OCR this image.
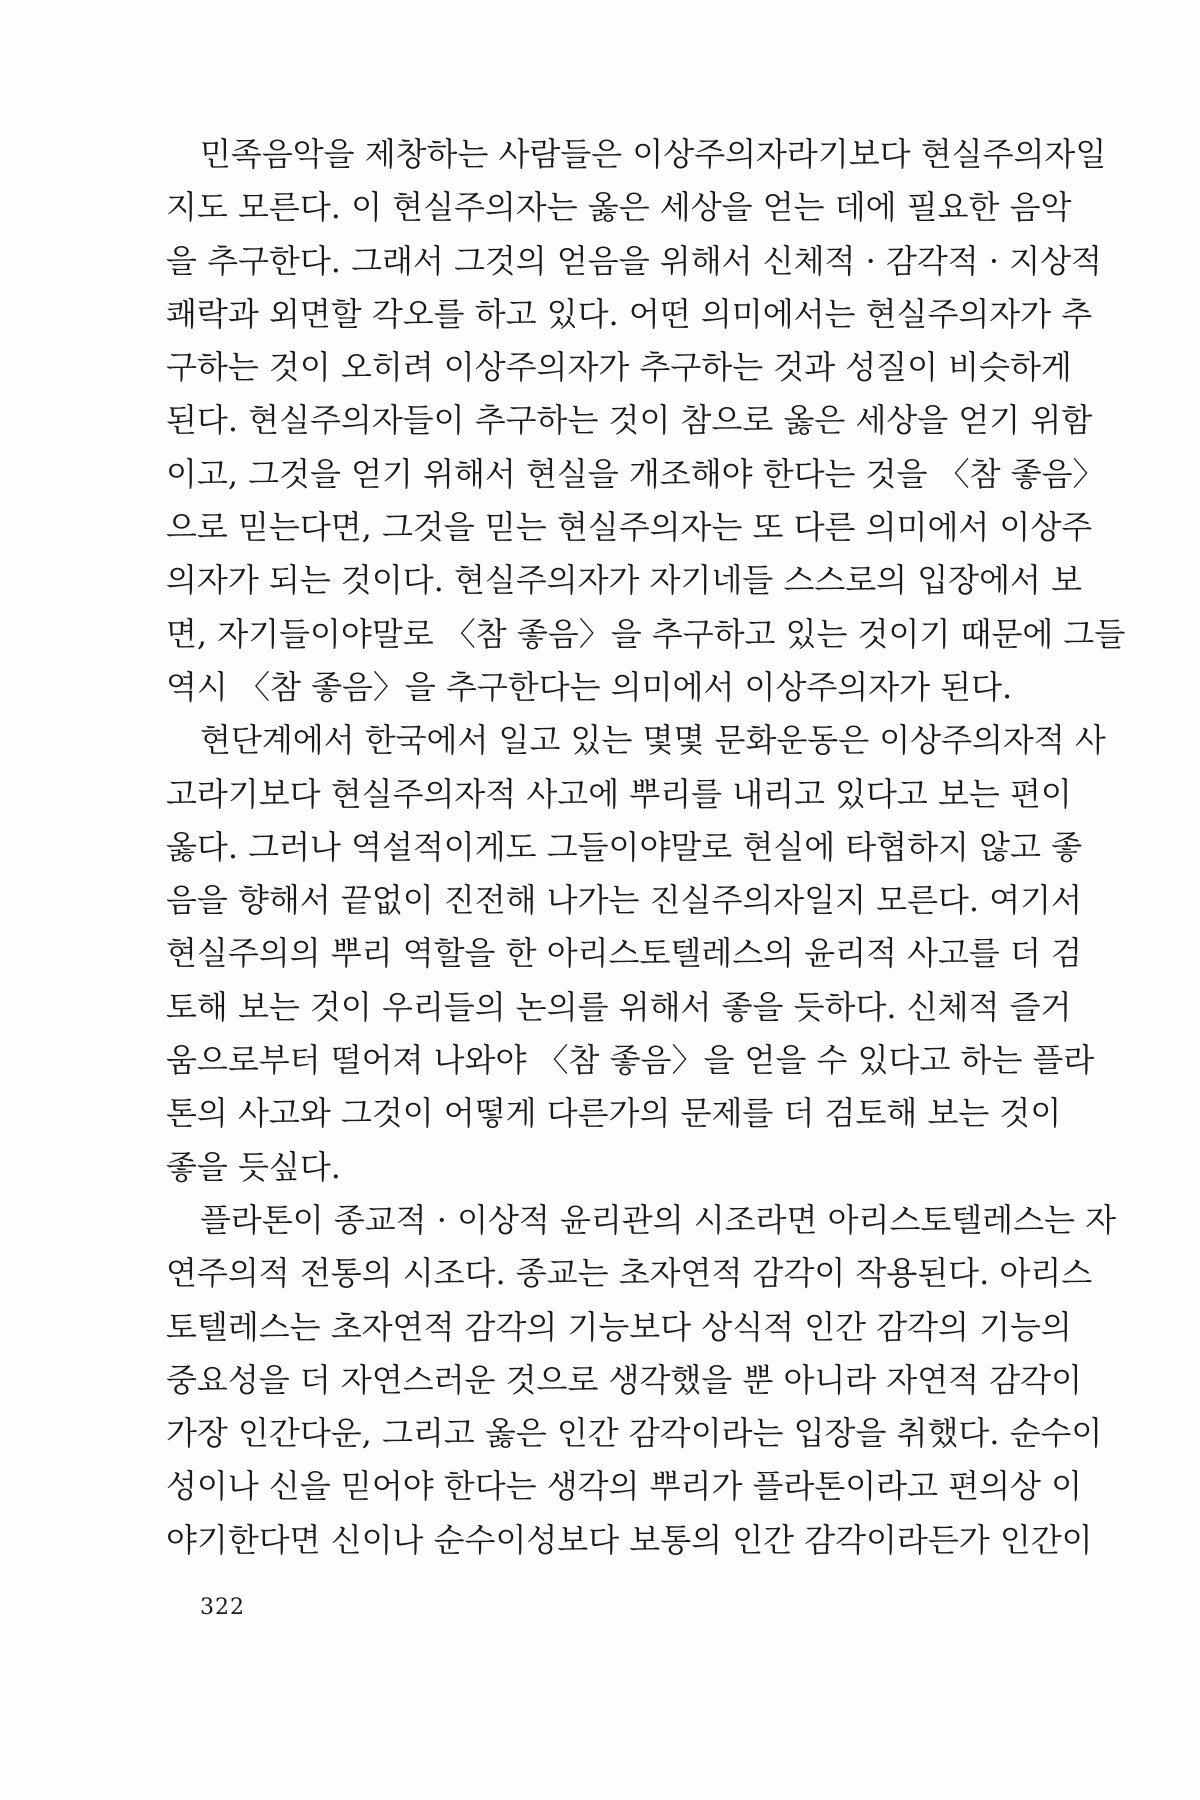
민족음악을 제창하는 사람들은 이상주의자라기보다 현실주의자일
지도 모른다. 이 현실주의자는 옳은 세상을 얻는 데에 필요한 음악
을 추구한다. 그래서 그것의 얻음을 위해서 신체적 · 감각적 · 지상적
쾌락과 외면할 각오를 하고 있다. 어떤 의미에서는 현실주의자가 추
구하는 것이 오히려 이상주의자가 추구하는 것과 성질이 비슷하게
된다. 현실주의자들이 추구하는 것이 참으로 옳은 세상을 얻기 위함
이고, 그것을 얻기 위해서 현실을 개조해야 한다는 것을 〈참 좋음〉
으로 믿는다면, 그것을 믿는 현실주의자는 또 다른 의미에서 이상주
의자가 되는 것이다. 현실주의자가 자기네들 스스로의 입장에서 보
면, 자기들이야말로 〈참 좋음〉을 추구하고 있는 것이기 때문에 그들
역시 〈참 좋음〉을 추구한다는 의미에서 이상주의자가 된다.
현단계에서 한국에서 일고 있는 몇몇 문화운동은 이상주의자적 사
고라기보다 현실주의자적 사고에 뿌리를 내리고 있다고 보는 편이
옳다. 그러나 역설적이게도 그들이야말로 현실에 타협하지 않고 좋
음을 향해서 끝없이 진전해 나가는 진실주의자일지 모른다. 여기서
현실주의의 뿌리 역할을 한 아리스토텔레스의 윤리적 사고를 더 검
토해 보는 것이 우리들의 논의를 위해서 좋을 듯하다. 신체적 즐거
움으로부터 떨어져 나와야 〈참 좋음〉을 얻을 수 있다고 하는 플라
톤의 사고와 그것이 어떻게 다른가의 문제를 더 검토해 보는 것이
좋을 듯싶다.
플라톤이 종교적 · 이상적 윤리관의 시조라면 아리스토텔레스는 자
연주의적 전통의 시조다. 종교는 초자연적 감각이 작용된다. 아리스
토텔레스는 초자연적 감각의 기능보다 상식적 인간 감각의 기능의
중요성을 더 자연스러운 것으로 생각했을 뿐 아니라 자연적 감각이
가장 인간다운, 그리고 옳은 인간 감각이라는 입장을 취했다. 순수이
성이나 신을 믿어야 한다는 생각의 뿌리가 플라톤이라고 편의상 이
야기한다면 신이나 순수이성보다 보통의 인간 감각이라든가 인간이
322
